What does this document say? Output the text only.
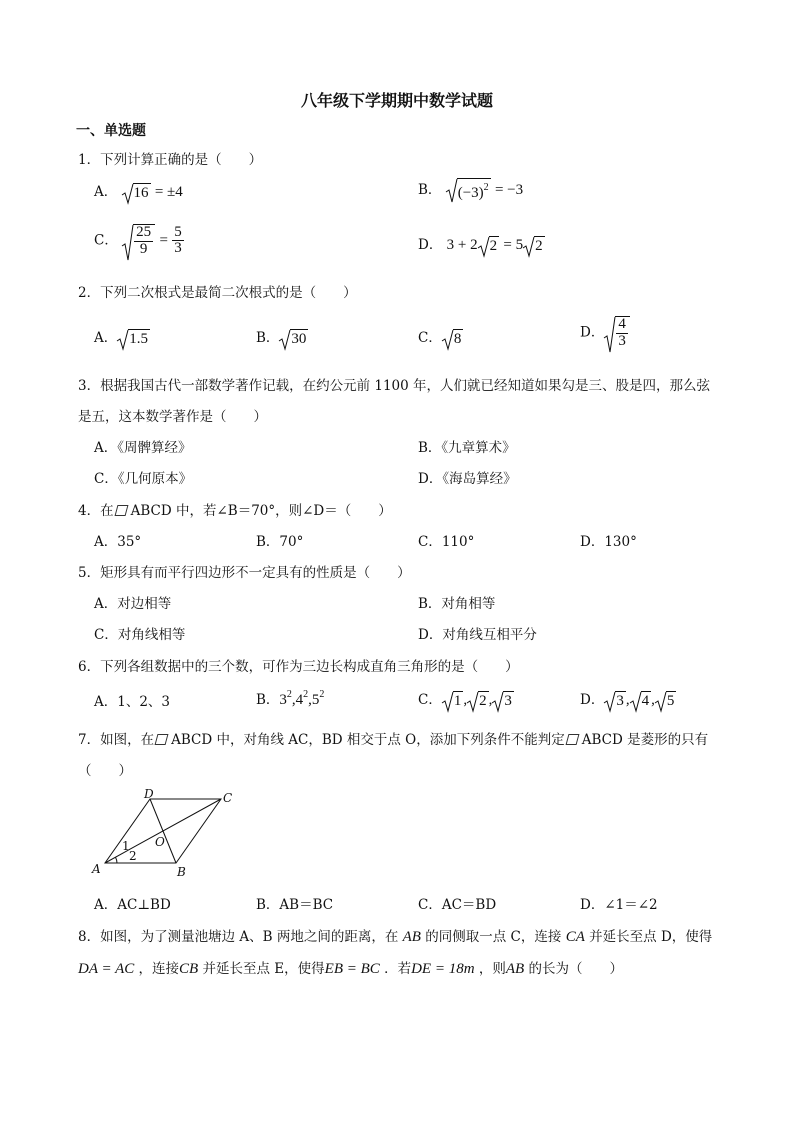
八年级下学期期中数学试题
一、单选题
1．下列计算正确的是（　　）
A． 16 = ±4	B． $(-3)^2 = -3$
C． $\frac{25}{9} = \frac{5}{3}$	D． 3 + 2 2 = 5 2
2．下列二次根式是最简二次根式的是（　　）
A． 1.5	B． 30	C． 8	D． $\frac{4}{3}$
3．根据我国古代一部数学著作记载，在约公元前 1100 年，人们就已经知道如果勾是三、股是四，那么弦
是五，这本数学著作是（　　）
A．《周髀算经》	B．《九章算术》
C．《几何原本》	D．《海岛算经》
4．在 ABCD 中，若∠B＝70°，则∠D＝（　　）
A．35°	B．70°	C．110°	D．130°
5．矩形具有而平行四边形不一定具有的性质是（　　）
A．对边相等	B．对角相等
C．对角线相等	D．对角线互相平分
6．下列各组数据中的三个数，可作为三边长构成直角三角形的是（　　）
A．1、2、3	B．$3^2,4^2,5^2$	C． 1 , 2 , 3	D． 3 , 4 , 5
7．如图，在 ABCD 中，对角线 AC，BD 相交于点 O，添加下列条件不能判定 ABCD 是菱形的只有
（　　）
A	B
C
D
O
1
2
A．AC⊥BD	B．AB＝BC	C．AC＝BD	D．∠1＝∠2
8．如图，为了测量池塘边 A、B 两地之间的距离，在 AB 的同侧取一点 C，连接 CA 并延长至点 D，使得
DA = AC ，连接CB 并延长至点 E，使得EB = BC ．若DE = 18m ，则AB 的长为（　　）
